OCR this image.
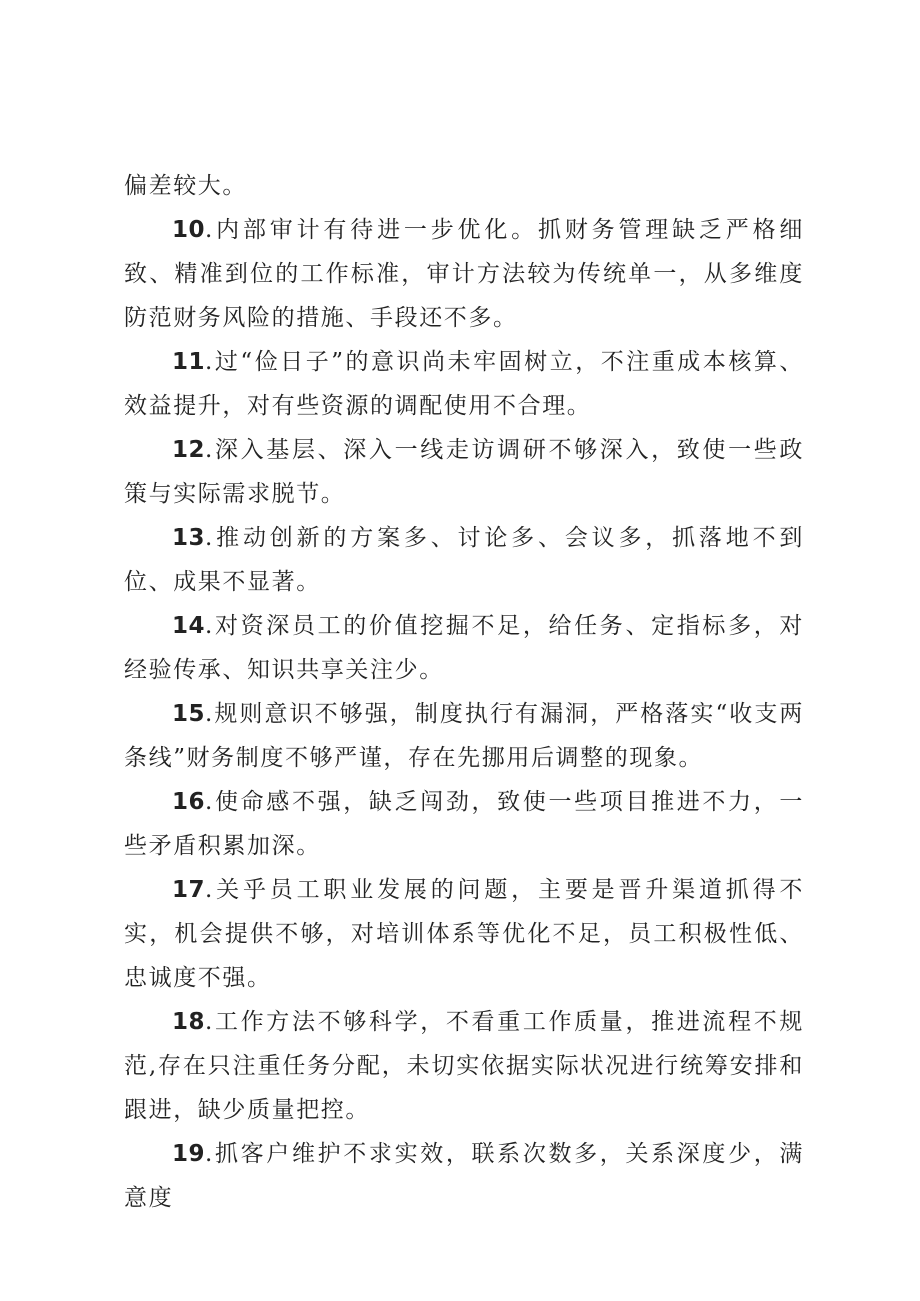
偏差较大。

10.内部审计有待进一步优化。抓财务管理缺乏严格细致、精准到位的工作标准，审计方法较为传统单一，从多维度防范财务风险的措施、手段还不多。

11.过“俭日子”的意识尚未牢固树立，不注重成本核算、效益提升，对有些资源的调配使用不合理。

12.深入基层、深入一线走访调研不够深入，致使一些政策与实际需求脱节。

13.推动创新的方案多、讨论多、会议多，抓落地不到位、成果不显著。

14.对资深员工的价值挖掘不足，给任务、定指标多，对经验传承、知识共享关注少。

15.规则意识不够强，制度执行有漏洞，严格落实“收支两条线”财务制度不够严谨，存在先挪用后调整的现象。

16.使命感不强，缺乏闯劲，致使一些项目推进不力，一些矛盾积累加深。

17.关乎员工职业发展的问题，主要是晋升渠道抓得不实，机会提供不够，对培训体系等优化不足，员工积极性低、忠诚度不强。

18.工作方法不够科学，不看重工作质量，推进流程不规范,存在只注重任务分配，未切实依据实际状况进行统筹安排和跟进，缺少质量把控。

19.抓客户维护不求实效，联系次数多，关系深度少，满意度
